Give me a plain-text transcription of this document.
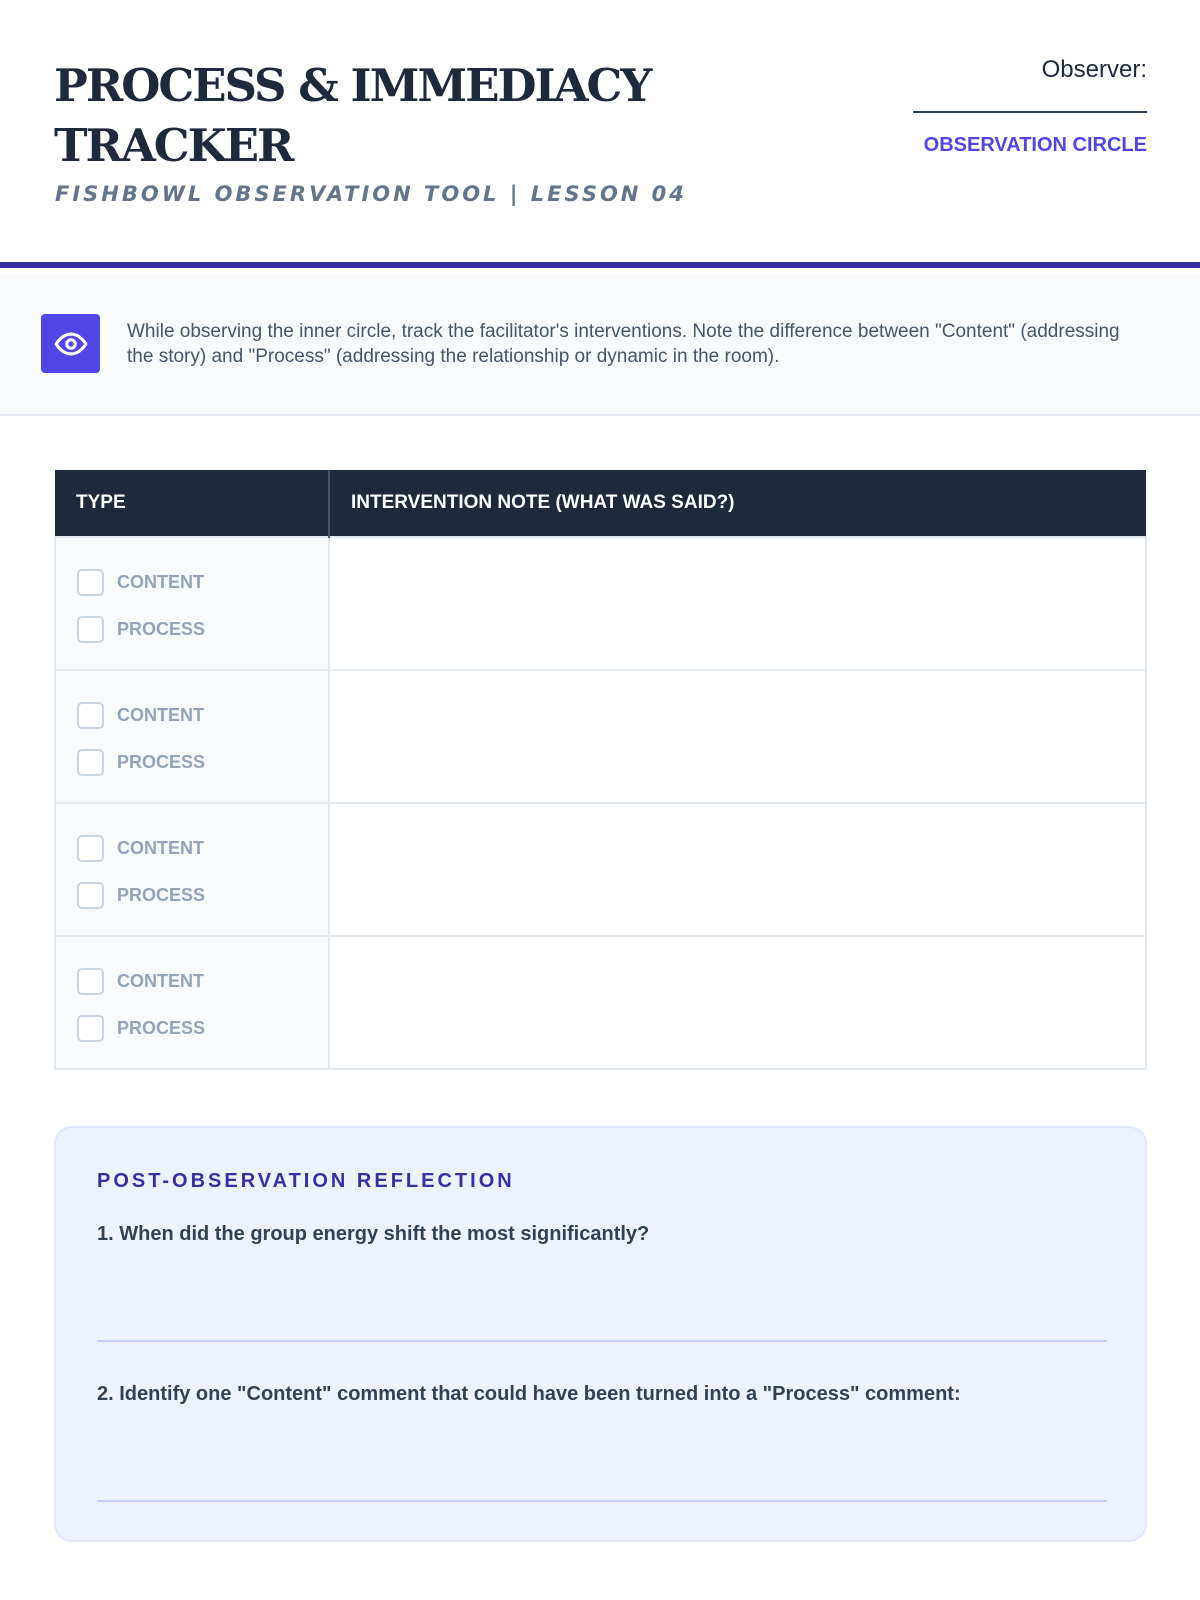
PROCESS & IMMEDIACY TRACKER
FISHBOWL OBSERVATION TOOL | LESSON 04
Observer:
OBSERVATION CIRCLE

While observing the inner circle, track the facilitator's interventions. Note the difference between "Content" (addressing the story) and "Process" (addressing the relationship or dynamic in the room).

TYPE	INTERVENTION NOTE (WHAT WAS SAID?)

CONTENT
PROCESS	

CONTENT
PROCESS	

CONTENT
PROCESS	

CONTENT
PROCESS	

POST-OBSERVATION REFLECTION
1. When did the group energy shift the most significantly?
2. Identify one "Content" comment that could have been turned into a "Process" comment:
